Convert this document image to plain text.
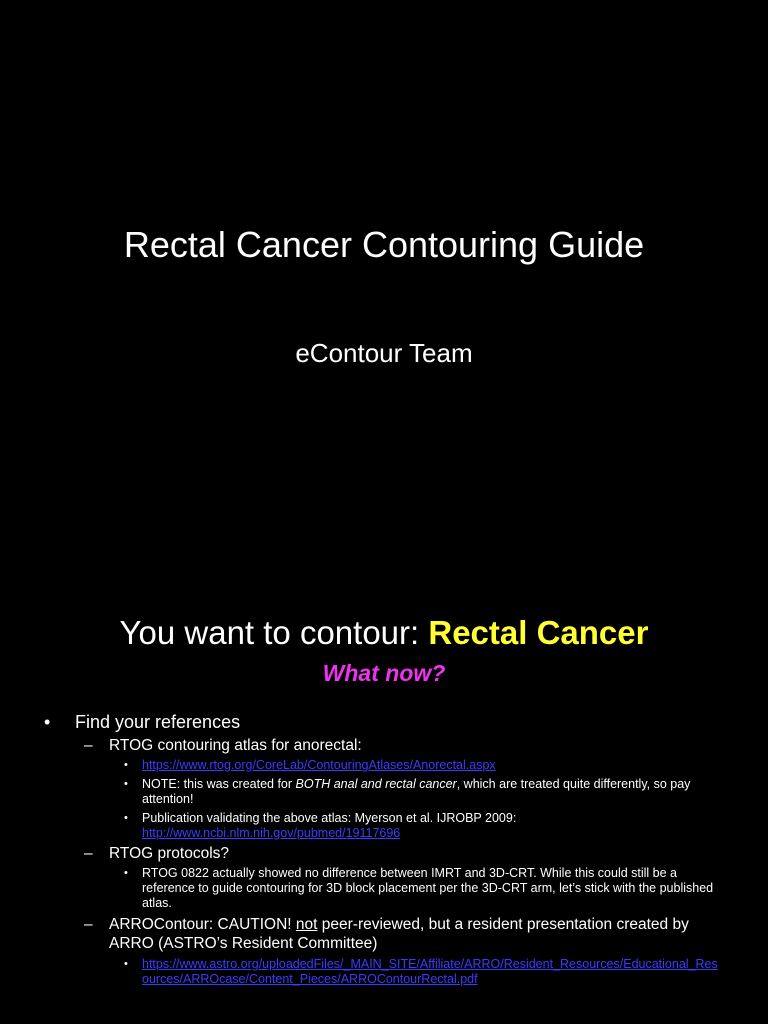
Rectal Cancer Contouring Guide
eContour Team
You want to contour: Rectal Cancer
What now?
• Find your references
– RTOG contouring atlas for anorectal:
• https://www.rtog.org/CoreLab/ContouringAtlases/Anorectal.aspx
• NOTE: this was created for BOTH anal and rectal cancer, which are treated quite differently, so pay attention!
• Publication validating the above atlas: Myerson et al. IJROBP 2009:
http://www.ncbi.nlm.nih.gov/pubmed/19117696
– RTOG protocols?
• RTOG 0822 actually showed no difference between IMRT and 3D-CRT. While this could still be a reference to guide contouring for 3D block placement per the 3D-CRT arm, let’s stick with the published atlas.
– ARROContour: CAUTION! not peer-reviewed, but a resident presentation created by ARRO (ASTRO’s Resident Committee)
• https://www.astro.org/uploadedFiles/_MAIN_SITE/Affiliate/ARRO/Resident_Resources/Educational_Resources/ARROcase/Content_Pieces/ARROContourRectal.pdf
